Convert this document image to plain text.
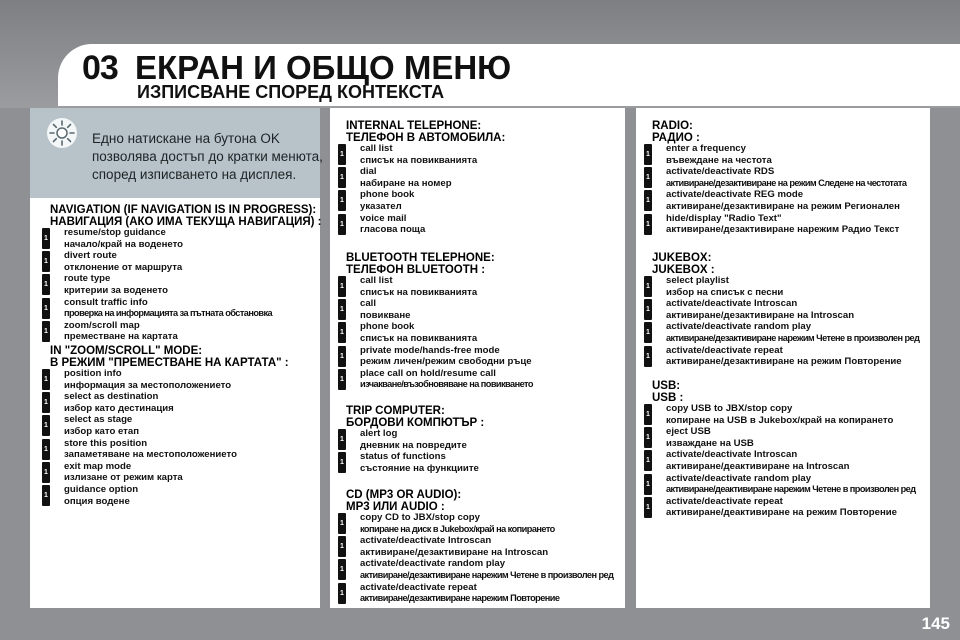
03 ЕКРАН И ОБЩО МЕНЮ
ИЗПИСВАНЕ СПОРЕД КОНТЕКСТА
Едно натискане на бутона OK
позволява достъп до кратки менюта,
според изписването на дисплея.
NAVIGATION (IF NAVIGATION IS IN PROGRESS):
НАВИГАЦИЯ (АКО ИМА ТЕКУЩА НАВИГАЦИЯ) :
1
resume/stop guidance
начало/край на воденето
1
divert route
отклонение от маршрута
1
route type
критерии за воденето
1
consult traffic info
проверка на информацията за пътната обстановка
1
zoom/scroll map
преместване на картата
IN "ZOOM/SCROLL" MODE:
В РЕЖИМ "ПРЕМЕСТВАНЕ НА КАРТАТА" :
1
position info
информация за местоположението
1
select as destination
избор като дестинация
1
select as stage
избор като етап
1
store this position
запаметяване на местоположението
1
exit map mode
излизане от режим карта
1
guidance option
опция водене
INTERNAL TELEPHONE:
ТЕЛЕФОН В АВТОМОБИЛА:
1
call list
списък на повикванията
1
dial
набиране на номер
1
phone book
указател
1
voice mail
гласова поща
BLUETOOTH TELEPHONE:
ТЕЛЕФОН BLUETOOTH :
1
call list
списък на повикванията
1
call
повикване
1
phone book
списък на повикванията
1
private mode/hands-free mode
режим личен/режим свободни ръце
1
place call on hold/resume call
изчакване/възобновяване на повикването
TRIP COMPUTER:
БОРДОВИ КОМПЮТЪР :
1
alert log
дневник на повредите
1
status of functions
състояние на функциите
CD (MP3 OR AUDIO):
MP3 ИЛИ AUDIO :
1
copy CD to JBX/stop copy
копиране на диск в Jukebox/край на копирането
1
activate/deactivate Introscan
активиране/дезактивиране на Introscan
1
activate/deactivate random play
активиране/дезактивиране нарежим Четене в произволен ред
1
activate/deactivate repeat
активиране/дезактивиране нарежим Повторение
RADIO:
РАДИО :
1
enter a frequency
въвеждане на честота
1
activate/deactivate RDS
активиране/дезактивиране на режим Следене на честотата
1
activate/deactivate REG mode
активиране/дезактивиране на режим Регионален
1
hide/display "Radio Text"
активиране/дезактивиране нарежим Радио Текст
JUKEBOX:
JUKEBOX :
1
select playlist
избор на списък с песни
1
activate/deactivate Introscan
активиране/дезактивиране на Introscan
1
activate/deactivate random play
активиране/дезактивиране нарежим Четене в произволен ред
1
activate/deactivate repeat
активиране/дезактивиране на режим Повторение
USB:
USB :
1
copy USB to JBX/stop copy
копиране на USB в Jukebox/край на копирането
1
eject USB
изваждане на USB
1
activate/deactivate Introscan
активиране/деактивиране на Introscan
1
activate/deactivate random play
активиране/деактивиране нарежим Четене в произволен ред
1
activate/deactivate repeat
активиране/деактивиране на режим Повторение
145
